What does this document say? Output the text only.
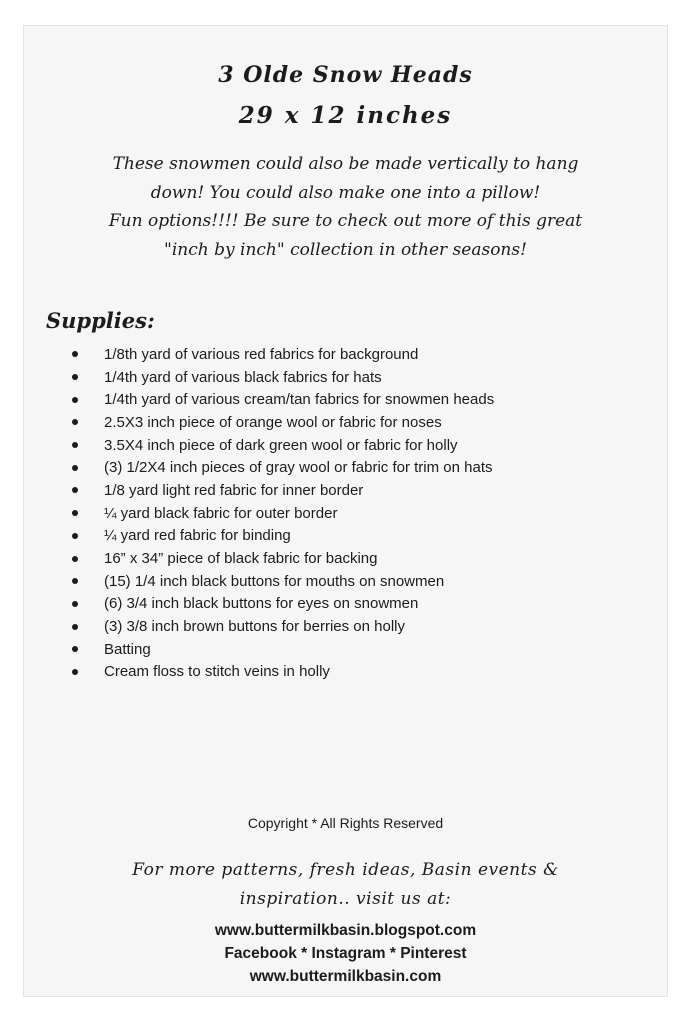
3 Olde Snow Heads
29 x 12 inches

These snowmen could also be made vertically to hang

down! You could also make one into a pillow!

Fun options!!!! Be sure to check out more of this great

"inch by inch" collection in other seasons!

Supplies:
1/8th yard of various red fabrics for background
1/4th yard of various black fabrics for hats
1/4th yard of various cream/tan fabrics for snowmen heads
2.5X3 inch piece of orange wool or fabric for noses
3.5X4 inch piece of dark green wool or fabric for holly
(3) 1/2X4 inch pieces of gray wool or fabric for trim on hats
1/8 yard light red fabric for inner border
¼ yard black fabric for outer border
¼ yard red fabric for binding
16” x 34” piece of black fabric for backing
(15) 1/4 inch black buttons for mouths on snowmen
(6) 3/4 inch black buttons for eyes on snowmen
(3) 3/8 inch brown buttons for berries on holly
Batting
Cream floss to stitch veins in holly
Copyright * All Rights Reserved

For more patterns, fresh ideas, Basin events &

inspiration.. visit us at:

www.buttermilkbasin.blogspot.com

Facebook * Instagram * Pinterest

www.buttermilkbasin.com
